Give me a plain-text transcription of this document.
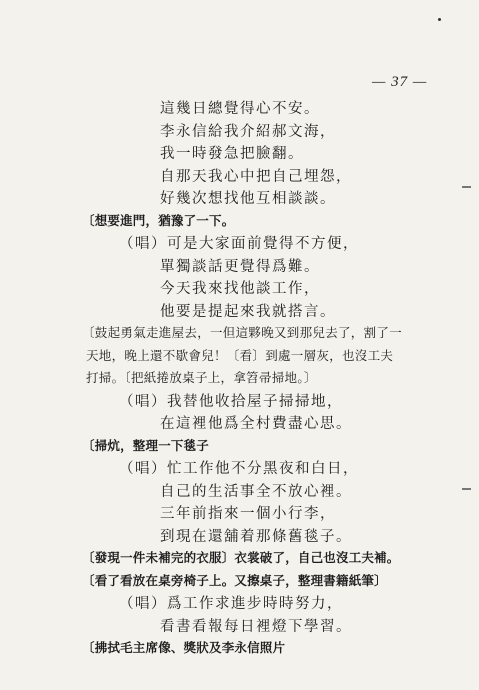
— 37 —
這幾日總覺得心不安。
李永信給我介紹郝文海，
我一時發急把臉翻。
自那天我心中把自己埋怨，
好幾次想找他互相談談。
〔想要進門，猶豫了一下。
（唱）可是大家面前覺得不方便，
單獨談話更覺得爲難。
今天我來找他談工作，
他要是提起來我就搭言。
〔鼓起勇氣走進屋去，一但這夥晚又到那兒去了，割了一
天地，晚上還不歇會兒！〔看〕到處一層灰，也沒工夫
打掃。〔把紙捲放桌子上，拿笤帚掃地。〕
（唱）我替他收拾屋子掃掃地，
在這裡他爲全村費盡心思。
〔掃炕，整理一下毯子
（唱）忙工作他不分黑夜和白日，
自己的生活事全不放心裡。
三年前指來一個小行李，
到現在還舖着那條舊毯子。
〔發現一件未補完的衣服〕衣裳破了，自己也沒工夫補。
〔看了看放在桌旁椅子上。又擦桌子，整理書籍紙筆〕
（唱）爲工作求進步時時努力，
看書看報每日裡燈下學習。
〔拂拭毛主席像、獎狀及李永信照片
